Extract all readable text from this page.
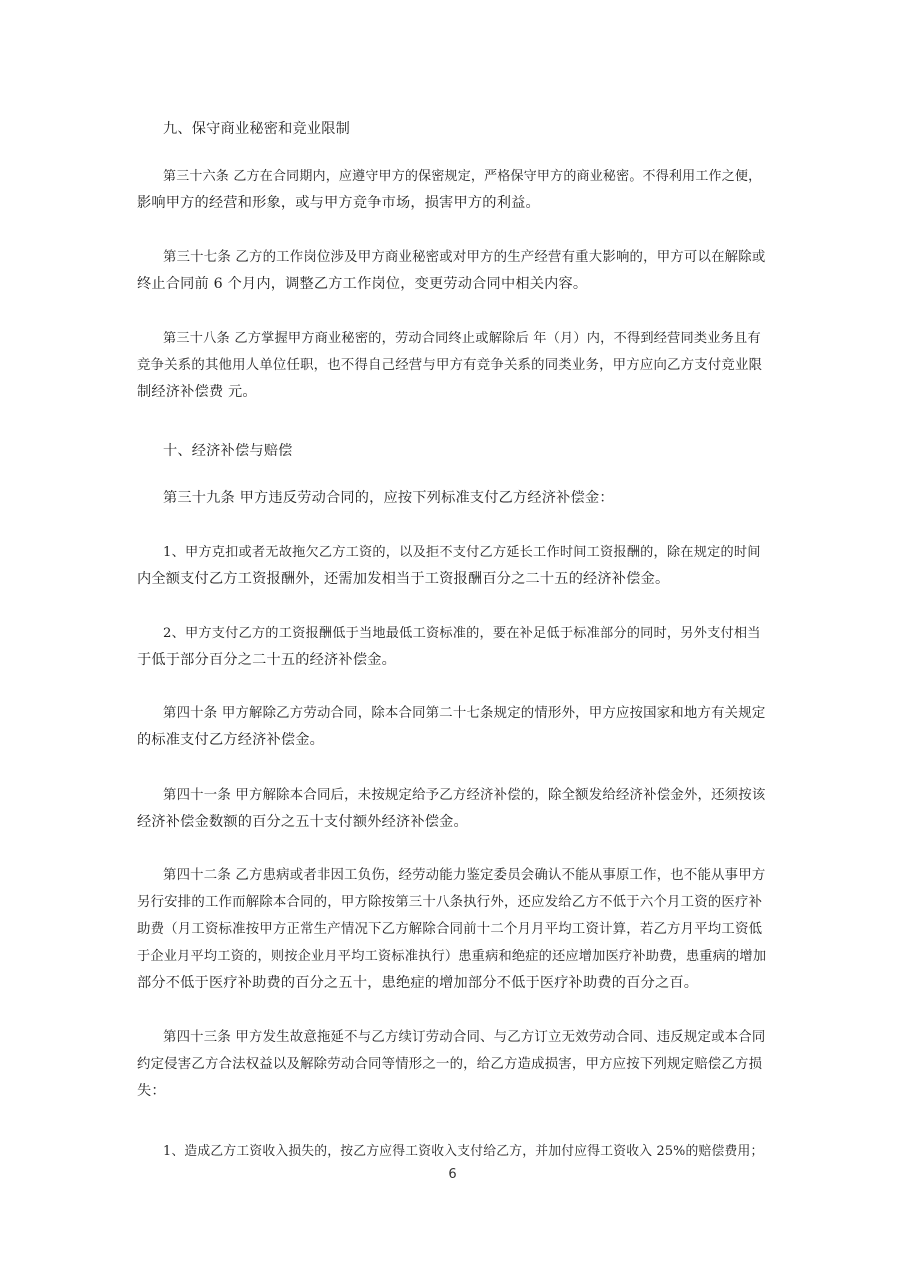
九、保守商业秘密和竞业限制

第三十六条 乙方在合同期内，应遵守甲方的保密规定，严格保守甲方的商业秘密。不得利用工作之便，
影响甲方的经营和形象，或与甲方竞争市场，损害甲方的利益。

第三十七条 乙方的工作岗位涉及甲方商业秘密或对甲方的生产经营有重大影响的，甲方可以在解除或
终止合同前 6 个月内，调整乙方工作岗位，变更劳动合同中相关内容。

第三十八条 乙方掌握甲方商业秘密的，劳动合同终止或解除后 年（月）内，不得到经营同类业务且有
竞争关系的其他用人单位任职，也不得自己经营与甲方有竞争关系的同类业务，甲方应向乙方支付竞业限
制经济补偿费 元。

十、经济补偿与赔偿

第三十九条 甲方违反劳动合同的，应按下列标准支付乙方经济补偿金：

1、甲方克扣或者无故拖欠乙方工资的，以及拒不支付乙方延长工作时间工资报酬的，除在规定的时间
内全额支付乙方工资报酬外，还需加发相当于工资报酬百分之二十五的经济补偿金。

2、甲方支付乙方的工资报酬低于当地最低工资标准的，要在补足低于标准部分的同时，另外支付相当
于低于部分百分之二十五的经济补偿金。

第四十条 甲方解除乙方劳动合同，除本合同第二十七条规定的情形外，甲方应按国家和地方有关规定
的标准支付乙方经济补偿金。

第四十一条 甲方解除本合同后，未按规定给予乙方经济补偿的，除全额发给经济补偿金外，还须按该
经济补偿金数额的百分之五十支付额外经济补偿金。

第四十二条 乙方患病或者非因工负伤，经劳动能力鉴定委员会确认不能从事原工作，也不能从事甲方
另行安排的工作而解除本合同的，甲方除按第三十八条执行外，还应发给乙方不低于六个月工资的医疗补
助费（月工资标准按甲方正常生产情况下乙方解除合同前十二个月月平均工资计算，若乙方月平均工资低
于企业月平均工资的，则按企业月平均工资标准执行）患重病和绝症的还应增加医疗补助费，患重病的增加
部分不低于医疗补助费的百分之五十，患绝症的增加部分不低于医疗补助费的百分之百。

第四十三条 甲方发生故意拖延不与乙方续订劳动合同、与乙方订立无效劳动合同、违反规定或本合同
约定侵害乙方合法权益以及解除劳动合同等情形之一的，给乙方造成损害，甲方应按下列规定赔偿乙方损
失：

1、造成乙方工资收入损失的，按乙方应得工资收入支付给乙方，并加付应得工资收入 25%的赔偿费用；

6
